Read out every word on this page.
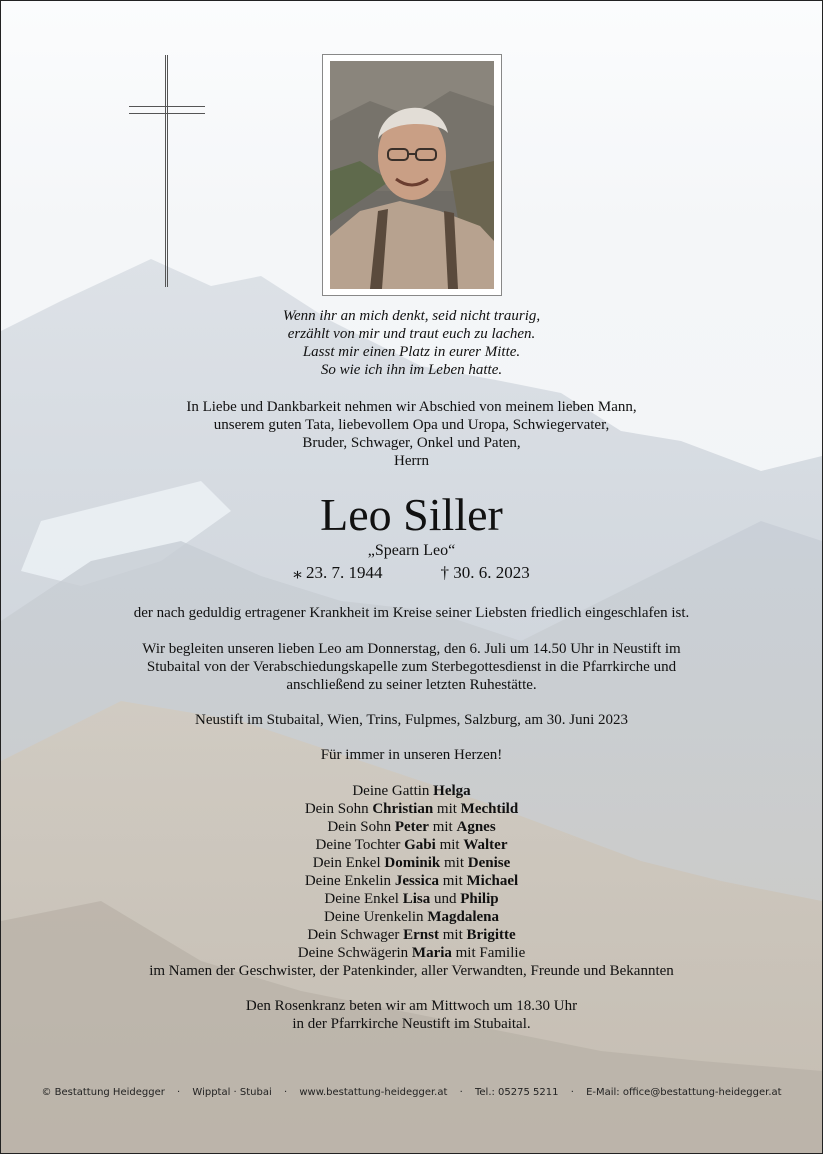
Wenn ihr an mich denkt, seid nicht traurig,
erzählt von mir und traut euch zu lachen.
Lasst mir einen Platz in eurer Mitte.
So wie ich ihn im Leben hatte.
In Liebe und Dankbarkeit nehmen wir Abschied von meinem lieben Mann,
unserem guten Tata, liebevollem Opa und Uropa, Schwiegervater,
Bruder, Schwager, Onkel und Paten,
Herrn
Leo Siller
„Spearn Leo“
⁎ 23. 7. 1944	† 30. 6. 2023
der nach geduldig ertragener Krankheit im Kreise seiner Liebsten friedlich eingeschlafen ist.
Wir begleiten unseren lieben Leo am Donnerstag, den 6. Juli um 14.50 Uhr in Neustift im
Stubaital von der Verabschiedungskapelle zum Sterbegottesdienst in die Pfarrkirche und
anschließend zu seiner letzten Ruhestätte.
Neustift im Stubaital, Wien, Trins, Fulpmes, Salzburg, am 30. Juni 2023
Für immer in unseren Herzen!
Deine Gattin Helga
Dein Sohn Christian mit Mechtild
Dein Sohn Peter mit Agnes
Deine Tochter Gabi mit Walter
Dein Enkel Dominik mit Denise
Deine Enkelin Jessica mit Michael
Deine Enkel Lisa und Philip
Deine Urenkelin Magdalena
Dein Schwager Ernst mit Brigitte
Deine Schwägerin Maria mit Familie
im Namen der Geschwister, der Patenkinder, aller Verwandten, Freunde und Bekannten
Den Rosenkranz beten wir am Mittwoch um 18.30 Uhr
in der Pfarrkirche Neustift im Stubaital.
© Bestattung Heidegger · Wipptal · Stubai · www.bestattung-heidegger.at · Tel.: 05275 5211 · E-Mail: office@bestattung-heidegger.at
